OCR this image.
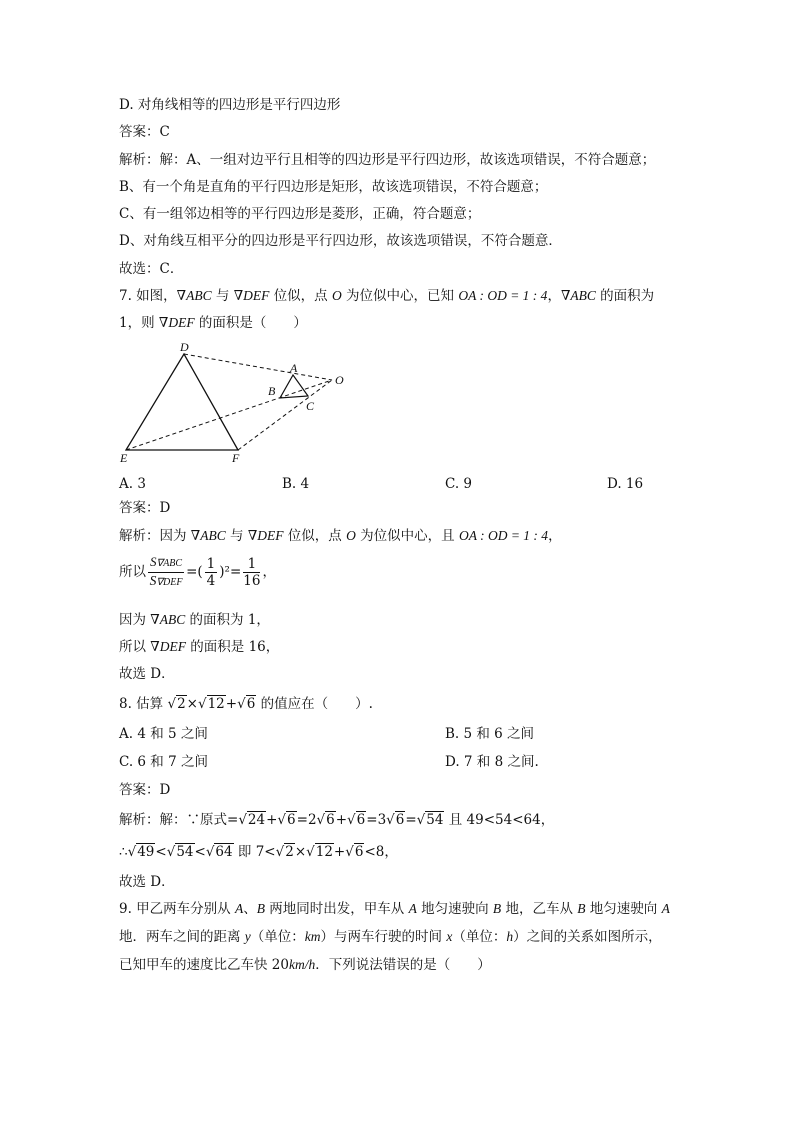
D. 对角线相等的四边形是平行四边形
答案：C
解析：解：A、一组对边平行且相等的四边形是平行四边形，故该选项错误，不符合题意；
B、有一个角是直角的平行四边形是矩形，故该选项错误，不符合题意；
C、有一组邻边相等的平行四边形是菱形，正确，符合题意；
D、对角线互相平分的四边形是平行四边形，故该选项错误，不符合题意．
故选：C．
7. 如图，∇ABC 与 ∇DEF 位似，点 O 为位似中心，已知 OA : OD = 1 : 4，∇ABC 的面积为
1，则 ∇DEF 的面积是（　　）
D
A
O
B
C
E	F
A. 3	B. 4	C. 9	D. 16
答案：D
解析：因为 ∇ABC 与 ∇DEF 位似，点 O 为位似中心，且 OA : OD = 1 : 4，
所以 $\frac{\text{S∇ABC}}{\text{S∇DEF}}$ =( $\frac{1}{4} )^2= \frac{1}{16}$ ，
因为 ∇ABC 的面积为 1，
所以 ∇DEF 的面积是 16，
故选 D．
8. 估算 √2×√12+√6 的值应在（　　）.
A. 4 和 5 之间	B. 5 和 6 之间
C. 6 和 7 之间	D. 7 和 8 之间.
答案：D
解析：解：∵原式=√24+√6=2√6+√6=3√6=√54 且 49<54<64，
∴√49<√54<√64 即 7<√2×√12+√6<8，
故选 D．
9. 甲乙两车分别从 A、B 两地同时出发，甲车从 A 地匀速驶向 B 地，乙车从 B 地匀速驶向 A
地．两车之间的距离 y（单位：km）与两车行驶的时间 x（单位：h）之间的关系如图所示，
已知甲车的速度比乙车快 20km/h．下列说法错误的是（　　）
